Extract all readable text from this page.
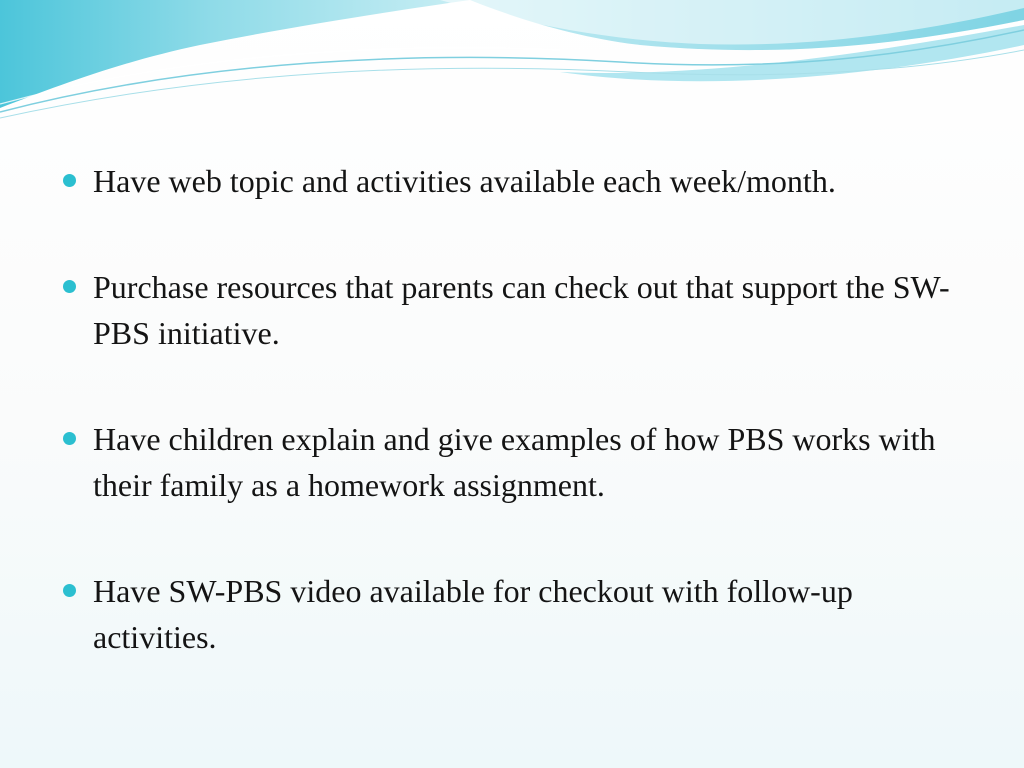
Have web topic and activities available each week/month.
Purchase resources that parents can check out that support the SW-PBS initiative.
Have children explain and give examples of how PBS works with their family as a homework assignment.
Have SW-PBS video available for checkout with follow-up activities.
